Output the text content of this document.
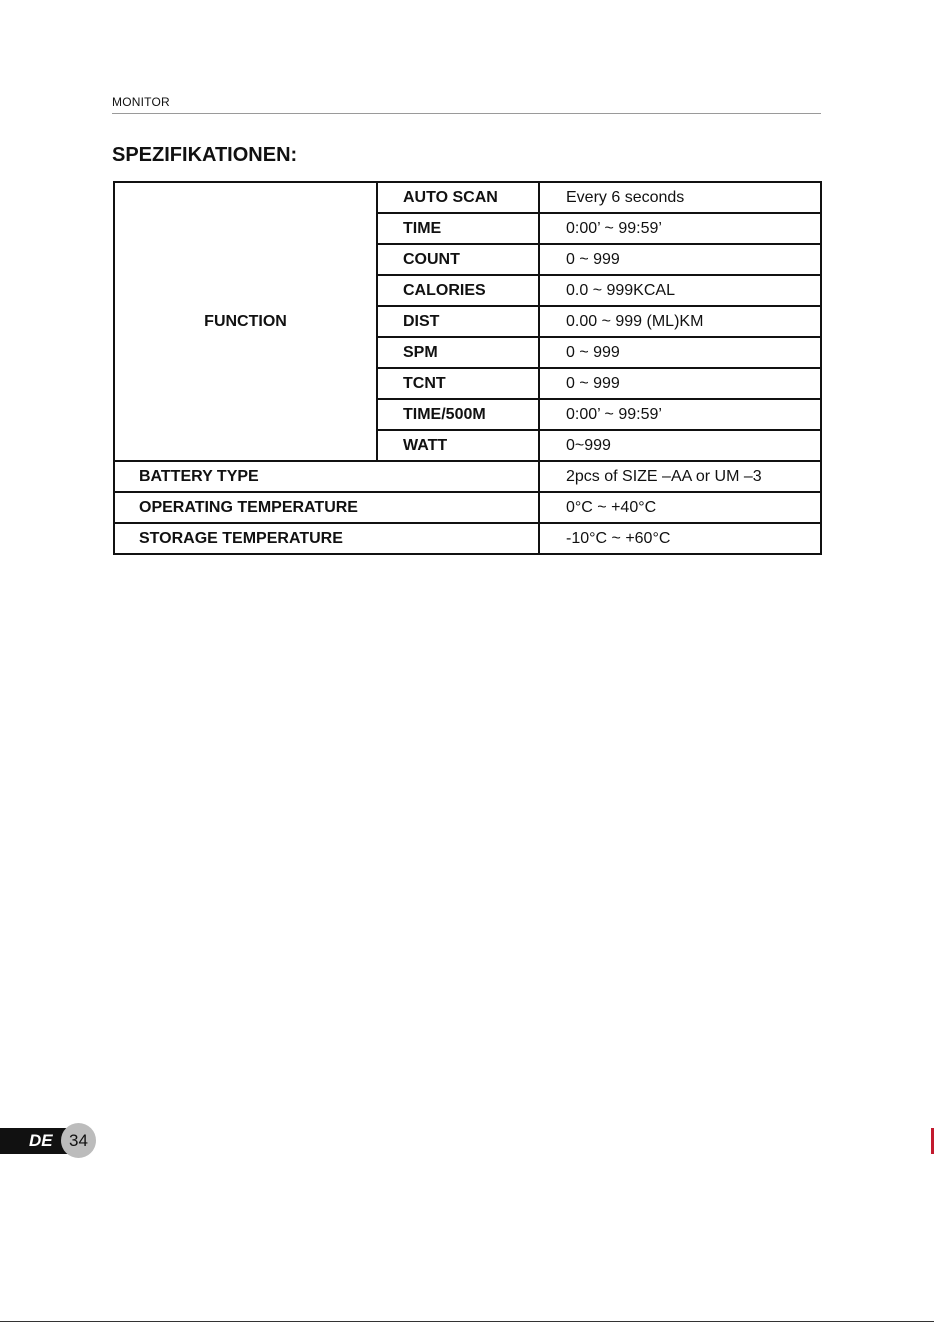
MONITOR
SPEZIFIKATIONEN:
FUNCTION	AUTO SCAN	Every 6 seconds
	TIME	0:00’ ~ 99:59’
	COUNT	0 ~ 999
	CALORIES	0.0 ~ 999KCAL
	DIST	0.00 ~ 999 (ML)KM
	SPM	0 ~ 999
	TCNT	0 ~ 999
	TIME/500M	0:00’ ~ 99:59’
	WATT	0~999
BATTERY TYPE		2pcs of SIZE –AA or UM –3
OPERATING TEMPERATURE		0°C ~ +40°C
STORAGE TEMPERATURE		-10°C ~ +60°C
DE 34
